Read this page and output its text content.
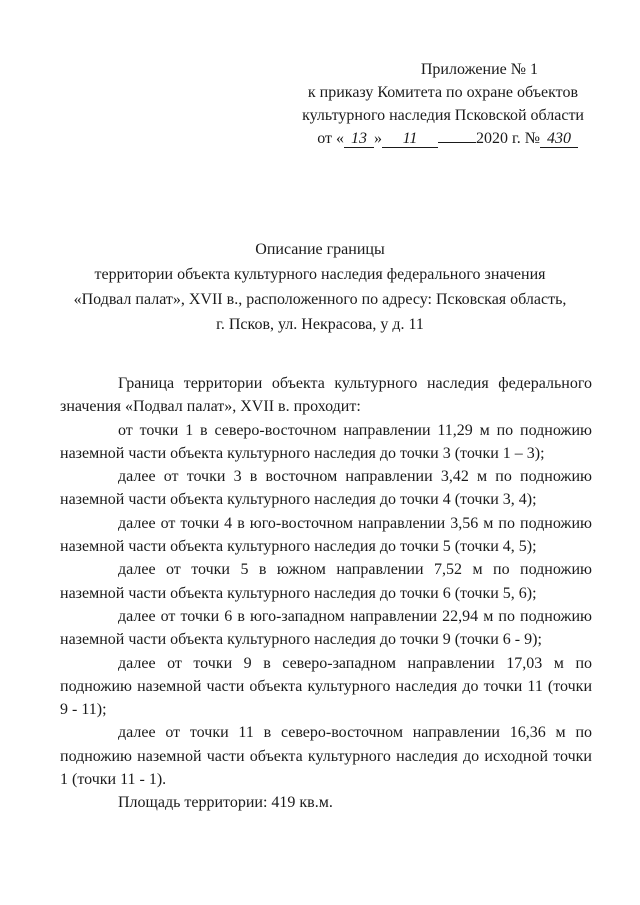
Приложение № 1
к приказу Комитета по охране объектов
культурного наследия Псковской области
от « 13 » 11	2020 г. № 430
Описание границы
территории объекта культурного наследия федерального значения
«Подвал палат», XVII в., расположенного по адресу: Псковская область,
г. Псков, ул. Некрасова, у д. 11

Граница территории объекта культурного наследия федерального значения «Подвал палат», XVII в. проходит:

от точки 1 в северо-восточном направлении 11,29 м по подножию наземной части объекта культурного наследия до точки 3 (точки 1 – 3);

далее от точки 3 в восточном направлении 3,42 м по подножию наземной части объекта культурного наследия до точки 4 (точки 3, 4);

далее от точки 4 в юго-восточном направлении 3,56 м по подножию наземной части объекта культурного наследия до точки 5 (точки 4, 5);

далее от точки 5 в южном направлении 7,52 м по подножию наземной части объекта культурного наследия до точки 6 (точки 5, 6);

далее от точки 6 в юго-западном направлении 22,94 м по подножию наземной части объекта культурного наследия до точки 9 (точки 6 - 9);

далее от точки 9 в северо-западном направлении 17,03 м по подножию наземной части объекта культурного наследия до точки 11 (точки 9 - 11);

далее от точки 11 в северо-восточном направлении 16,36 м по подножию наземной части объекта культурного наследия до исходной точки 1 (точки 11 - 1).

Площадь территории: 419 кв.м.
